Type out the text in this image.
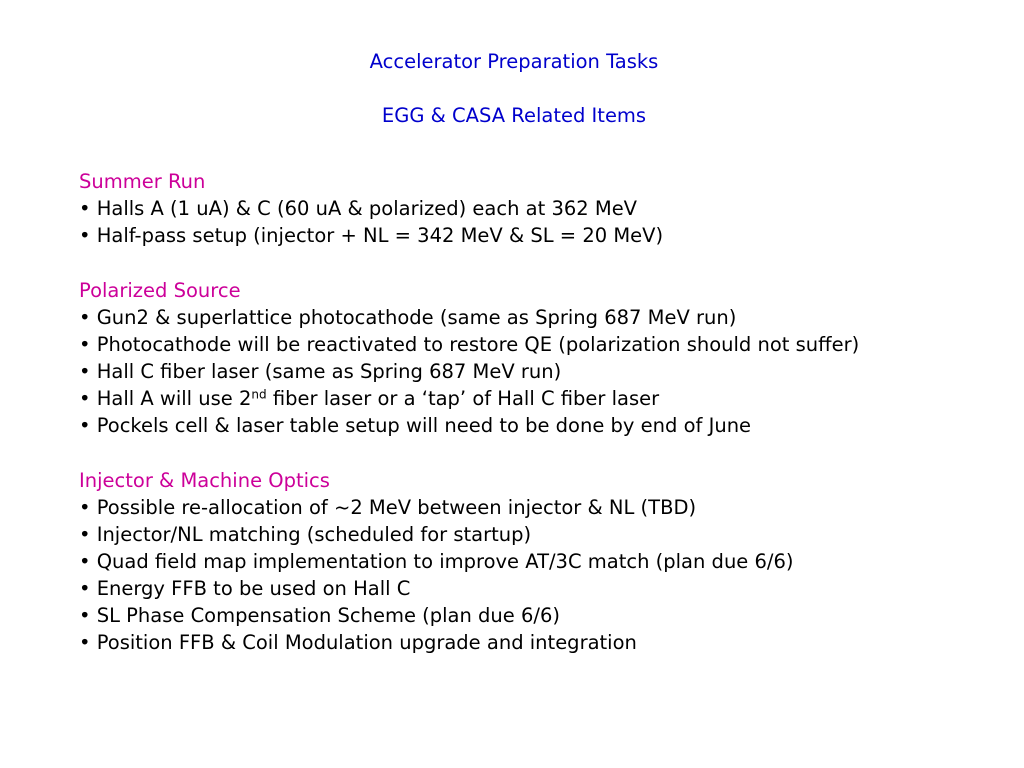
Accelerator Preparation Tasks
EGG & CASA Related Items
Summer Run
• Halls A (1 uA) & C (60 uA & polarized) each at 362 MeV
• Half-pass setup (injector + NL = 342 MeV & SL = 20 MeV)
Polarized Source
• Gun2 & superlattice photocathode (same as Spring 687 MeV run)
• Photocathode will be reactivated to restore QE (polarization should not suffer)
• Hall C fiber laser (same as Spring 687 MeV run)
• Hall A will use 2nd fiber laser or a ‘tap’ of Hall C fiber laser
• Pockels cell & laser table setup will need to be done by end of June
Injector & Machine Optics
• Possible re-allocation of ~2 MeV between injector & NL (TBD)
• Injector/NL matching (scheduled for startup)
• Quad field map implementation to improve AT/3C match (plan due 6/6)
• Energy FFB to be used on Hall C
• SL Phase Compensation Scheme (plan due 6/6)
• Position FFB & Coil Modulation upgrade and integration
